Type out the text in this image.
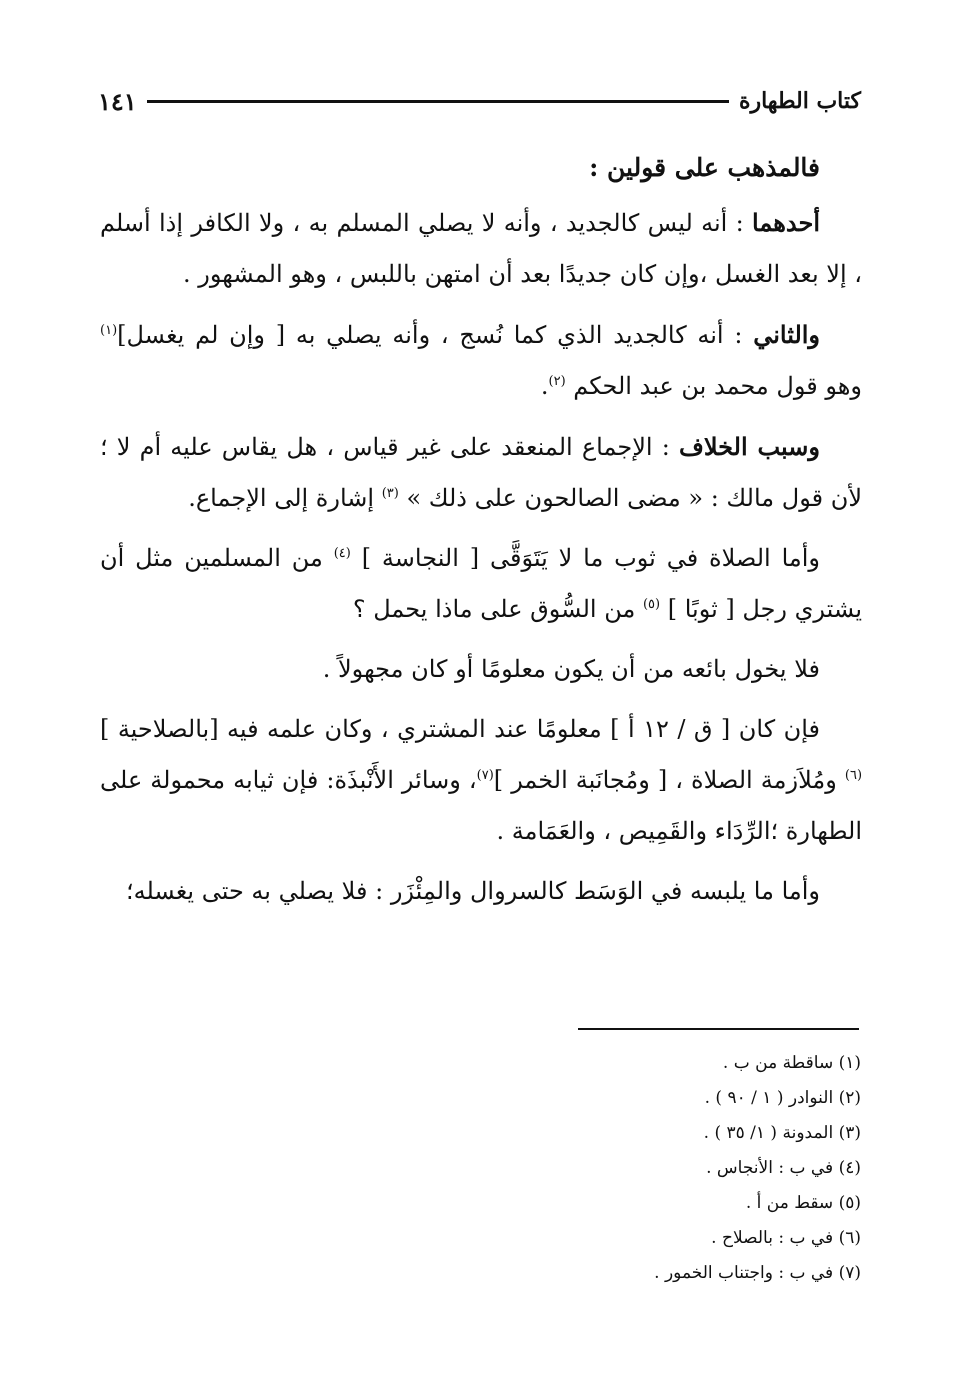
كتاب الطهارة
١٤١

فالمذهب على قولين :

أحدهما : أنه ليس كالجديد ، وأنه لا يصلي المسلم به ، ولا الكافر إذا أسلم ، إلا بعد الغسل ،وإن كان جديدًا بعد أن امتهن باللبس ، وهو المشهور .

والثاني : أنه كالجديد الذي كما نُسج ، وأنه يصلي به [ وإن لم يغسل]$^{(١)}$ وهو قول محمد بن عبد الحكم $^{(٢)}$.

وسبب الخلاف : الإجماع المنعقد على غير قياس ، هل يقاس عليه أم لا ؛ لأن قول مالك : « مضى الصالحون على ذلك » $^{(٣)}$ إشارة إلى الإجماع.

وأما الصلاة في ثوب ما لا يَتَوَقَّى [ النجاسة ] $^{(٤)}$ من المسلمين مثل أن يشتري رجل [ ثوبًا ] $^{(٥)}$ من السُّوق على ماذا يحمل ؟

فلا يخول بائعه من أن يكون معلومًا أو كان مجهولاً .

فإن كان [ ق / ١٢ أ ] معلومًا عند المشتري ، وكان علمه فيه [بالصلاحية ] $^{(٦)}$ ومُلاَزمة الصلاة ، [ ومُجانَبة الخمر ]$^{(٧)}$، وسائر الأَنْبذَة: فإن ثيابه محمولة على الطهارة ؛الرِّدَاء والقَمِيص ، والعَمَامة .

وأما ما يلبسه في الوَسَط كالسروال والمِئْزَر : فلا يصلي به حتى يغسله؛

(١) ساقطة من ب .
(٢) النوادر ( ١ / ٩٠ ) .
(٣) المدونة ( ١/ ٣٥ ) .
(٤) في ب : الأنجاس .
(٥) سقط من أ .
(٦) في ب : بالصلاح .
(٧) في ب : واجتناب الخمور .
